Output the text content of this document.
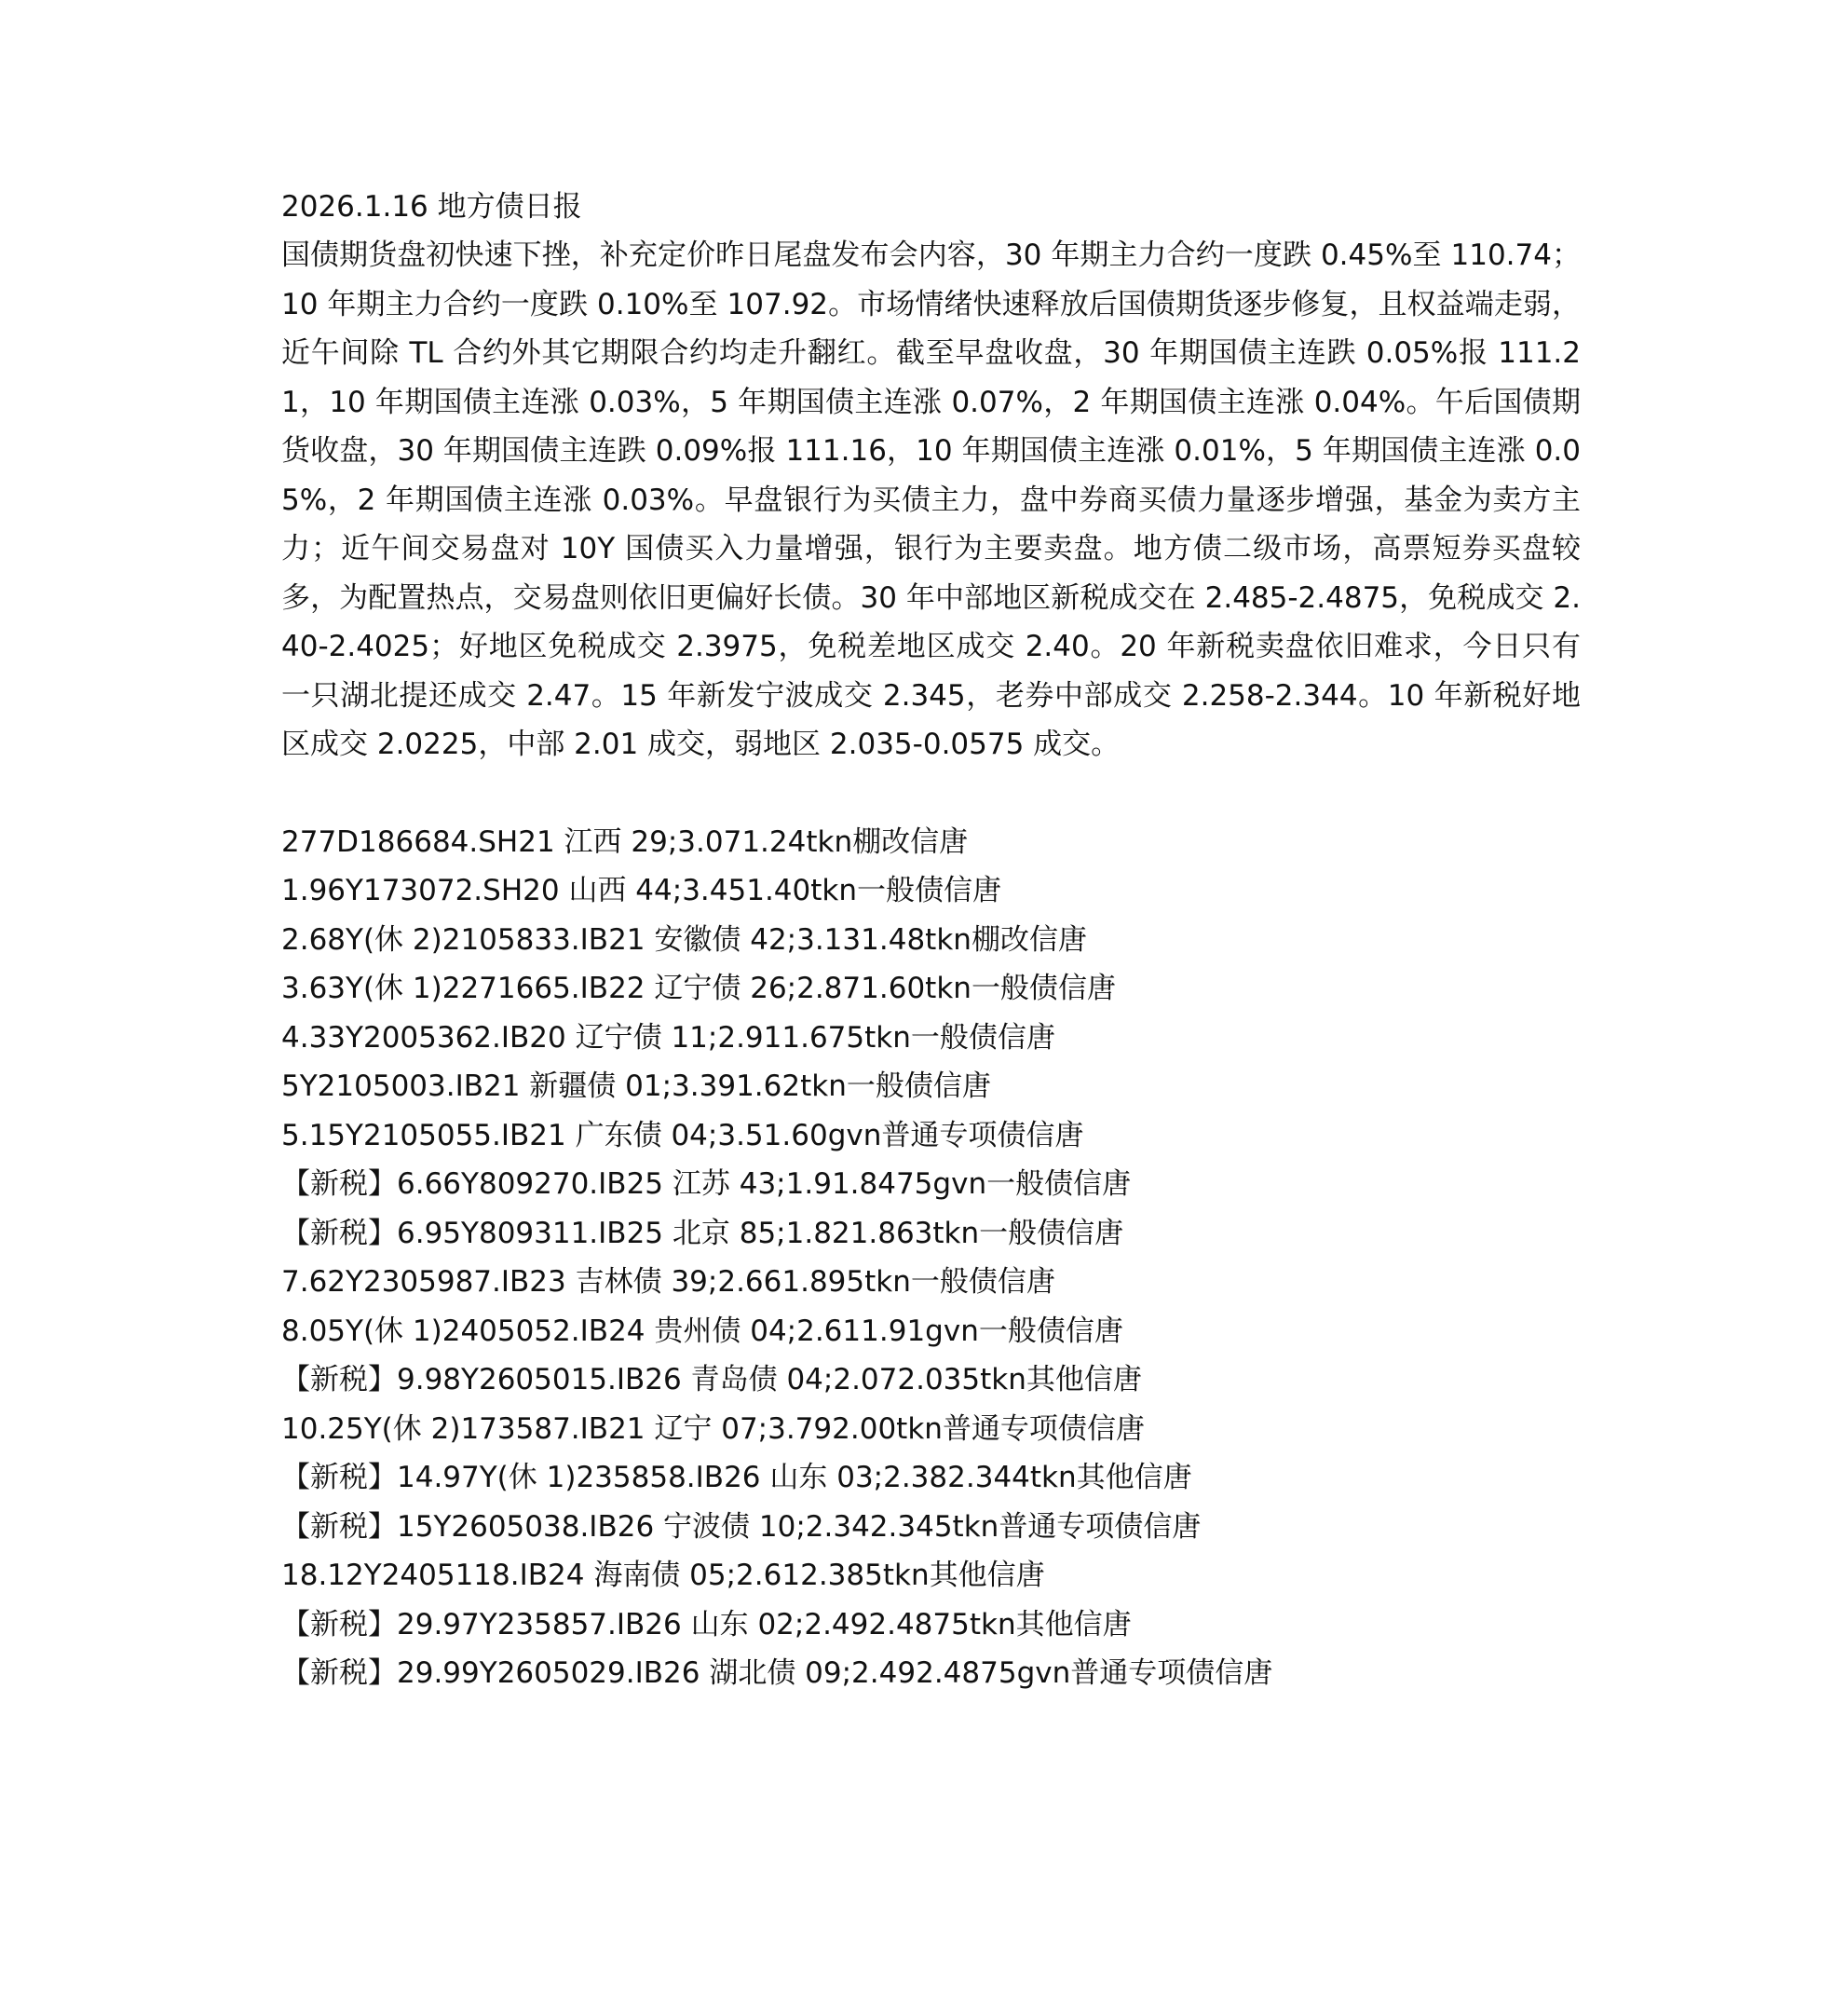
2026.1.16 地方债日报

国债期货盘初快速下挫，补充定价昨日尾盘发布会内容，30 年期主力合约一度跌 0.45%至 110.74；10 年期主力合约一度跌 0.10%至 107.92。市场情绪快速释放后国债期货逐步修复，且权益端走弱，近午间除 TL 合约外其它期限合约均走升翻红。截至早盘收盘，30 年期国债主连跌 0.05%报 111.21，10 年期国债主连涨 0.03%，5 年期国债主连涨 0.07%，2 年期国债主连涨 0.04%。午后国债期货收盘，30 年期国债主连跌 0.09%报 111.16，10 年期国债主连涨 0.01%，5 年期国债主连涨 0.05%，2 年期国债主连涨 0.03%。早盘银行为买债主力，盘中券商买债力量逐步增强，基金为卖方主力；近午间交易盘对 10Y 国债买入力量增强，银行为主要卖盘。地方债二级市场，高票短券买盘较多，为配置热点，交易盘则依旧更偏好长债。30 年中部地区新税成交在 2.485-2.4875，免税成交 2.40-2.4025；好地区免税成交 2.3975，免税差地区成交 2.40。20 年新税卖盘依旧难求，今日只有一只湖北提还成交 2.47。15 年新发宁波成交 2.345，老券中部成交 2.258-2.344。10 年新税好地区成交 2.0225，中部 2.01 成交，弱地区 2.035-0.0575 成交。

277D186684.SH21 江西 29;3.071.24tkn棚改信唐
1.96Y173072.SH20 山西 44;3.451.40tkn一般债信唐
2.68Y(休 2)2105833.IB21 安徽债 42;3.131.48tkn棚改信唐
3.63Y(休 1)2271665.IB22 辽宁债 26;2.871.60tkn一般债信唐
4.33Y2005362.IB20 辽宁债 11;2.911.675tkn一般债信唐
5Y2105003.IB21 新疆债 01;3.391.62tkn一般债信唐
5.15Y2105055.IB21 广东债 04;3.51.60gvn普通专项债信唐
【新税】6.66Y809270.IB25 江苏 43;1.91.8475gvn一般债信唐
【新税】6.95Y809311.IB25 北京 85;1.821.863tkn一般债信唐
7.62Y2305987.IB23 吉林债 39;2.661.895tkn一般债信唐
8.05Y(休 1)2405052.IB24 贵州债 04;2.611.91gvn一般债信唐
【新税】9.98Y2605015.IB26 青岛债 04;2.072.035tkn其他信唐
10.25Y(休 2)173587.IB21 辽宁 07;3.792.00tkn普通专项债信唐
【新税】14.97Y(休 1)235858.IB26 山东 03;2.382.344tkn其他信唐
【新税】15Y2605038.IB26 宁波债 10;2.342.345tkn普通专项债信唐
18.12Y2405118.IB24 海南债 05;2.612.385tkn其他信唐
【新税】29.97Y235857.IB26 山东 02;2.492.4875tkn其他信唐
【新税】29.99Y2605029.IB26 湖北债 09;2.492.4875gvn普通专项债信唐
